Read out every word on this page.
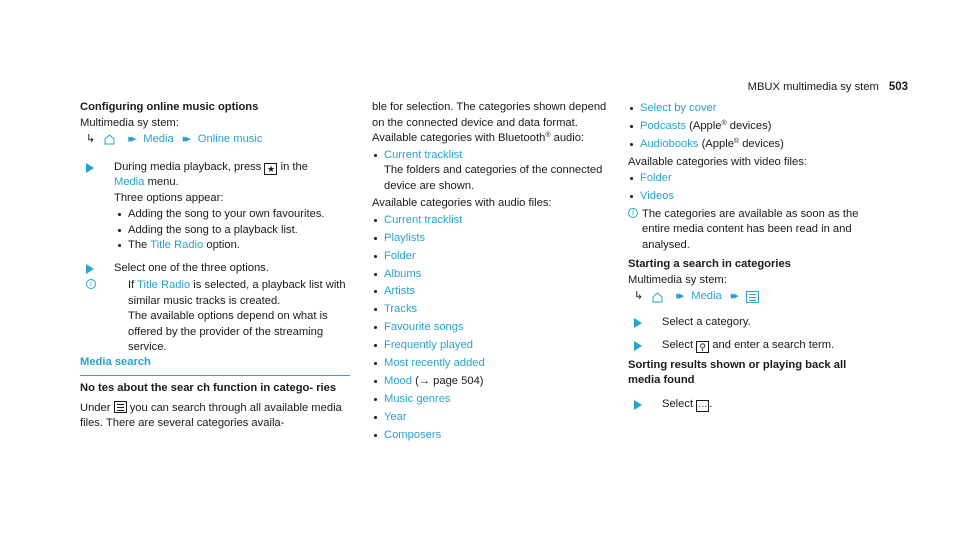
MBUX multimedia sy stem 503
Conﬁguring online music options
Multimedia sy stem:
↳	▸▸ Media ▸▸ Online music
During media playback, press ★ in the
Media menu.
Three options appear:
Adding the song to your own favourites.
Adding the song to a playback list.
The Title Radio option.
Select one of the three options.
i	If Title Radio is selected, a playback list with similar music tracks is created.
The available options depend on what is offered by the provider of the streaming service.
Media search
No tes about the sear ch function in catego- ries
Under you can search through all available media files. There are several categories availa-
ble for selection. The categories shown depend on the connected device and data format.
Available categories with Bluetooth® audio:
Current tracklist
The folders and categories of the connected device are shown.
Available categories with audio files:
Current tracklist
Playlists
Folder
Albums
Artists
Tracks
Favourite songs
Frequently played
Most recently added
Mood (→ page 504)
Music genres
Year
Composers
Select by cover
Podcasts (Apple® devices)
Audiobooks (Apple® devices)
Available categories with video files:
Folder
Videos
i The categories are available as soon as the entire media content has been read in and analysed.
Starting a search in categories
Multimedia sy stem:
↳	▸▸ Media ▸▸
Select a category.
Select ⚲ and enter a search term.
Sorting results shown or playing back all media found
Select ⋯ .
